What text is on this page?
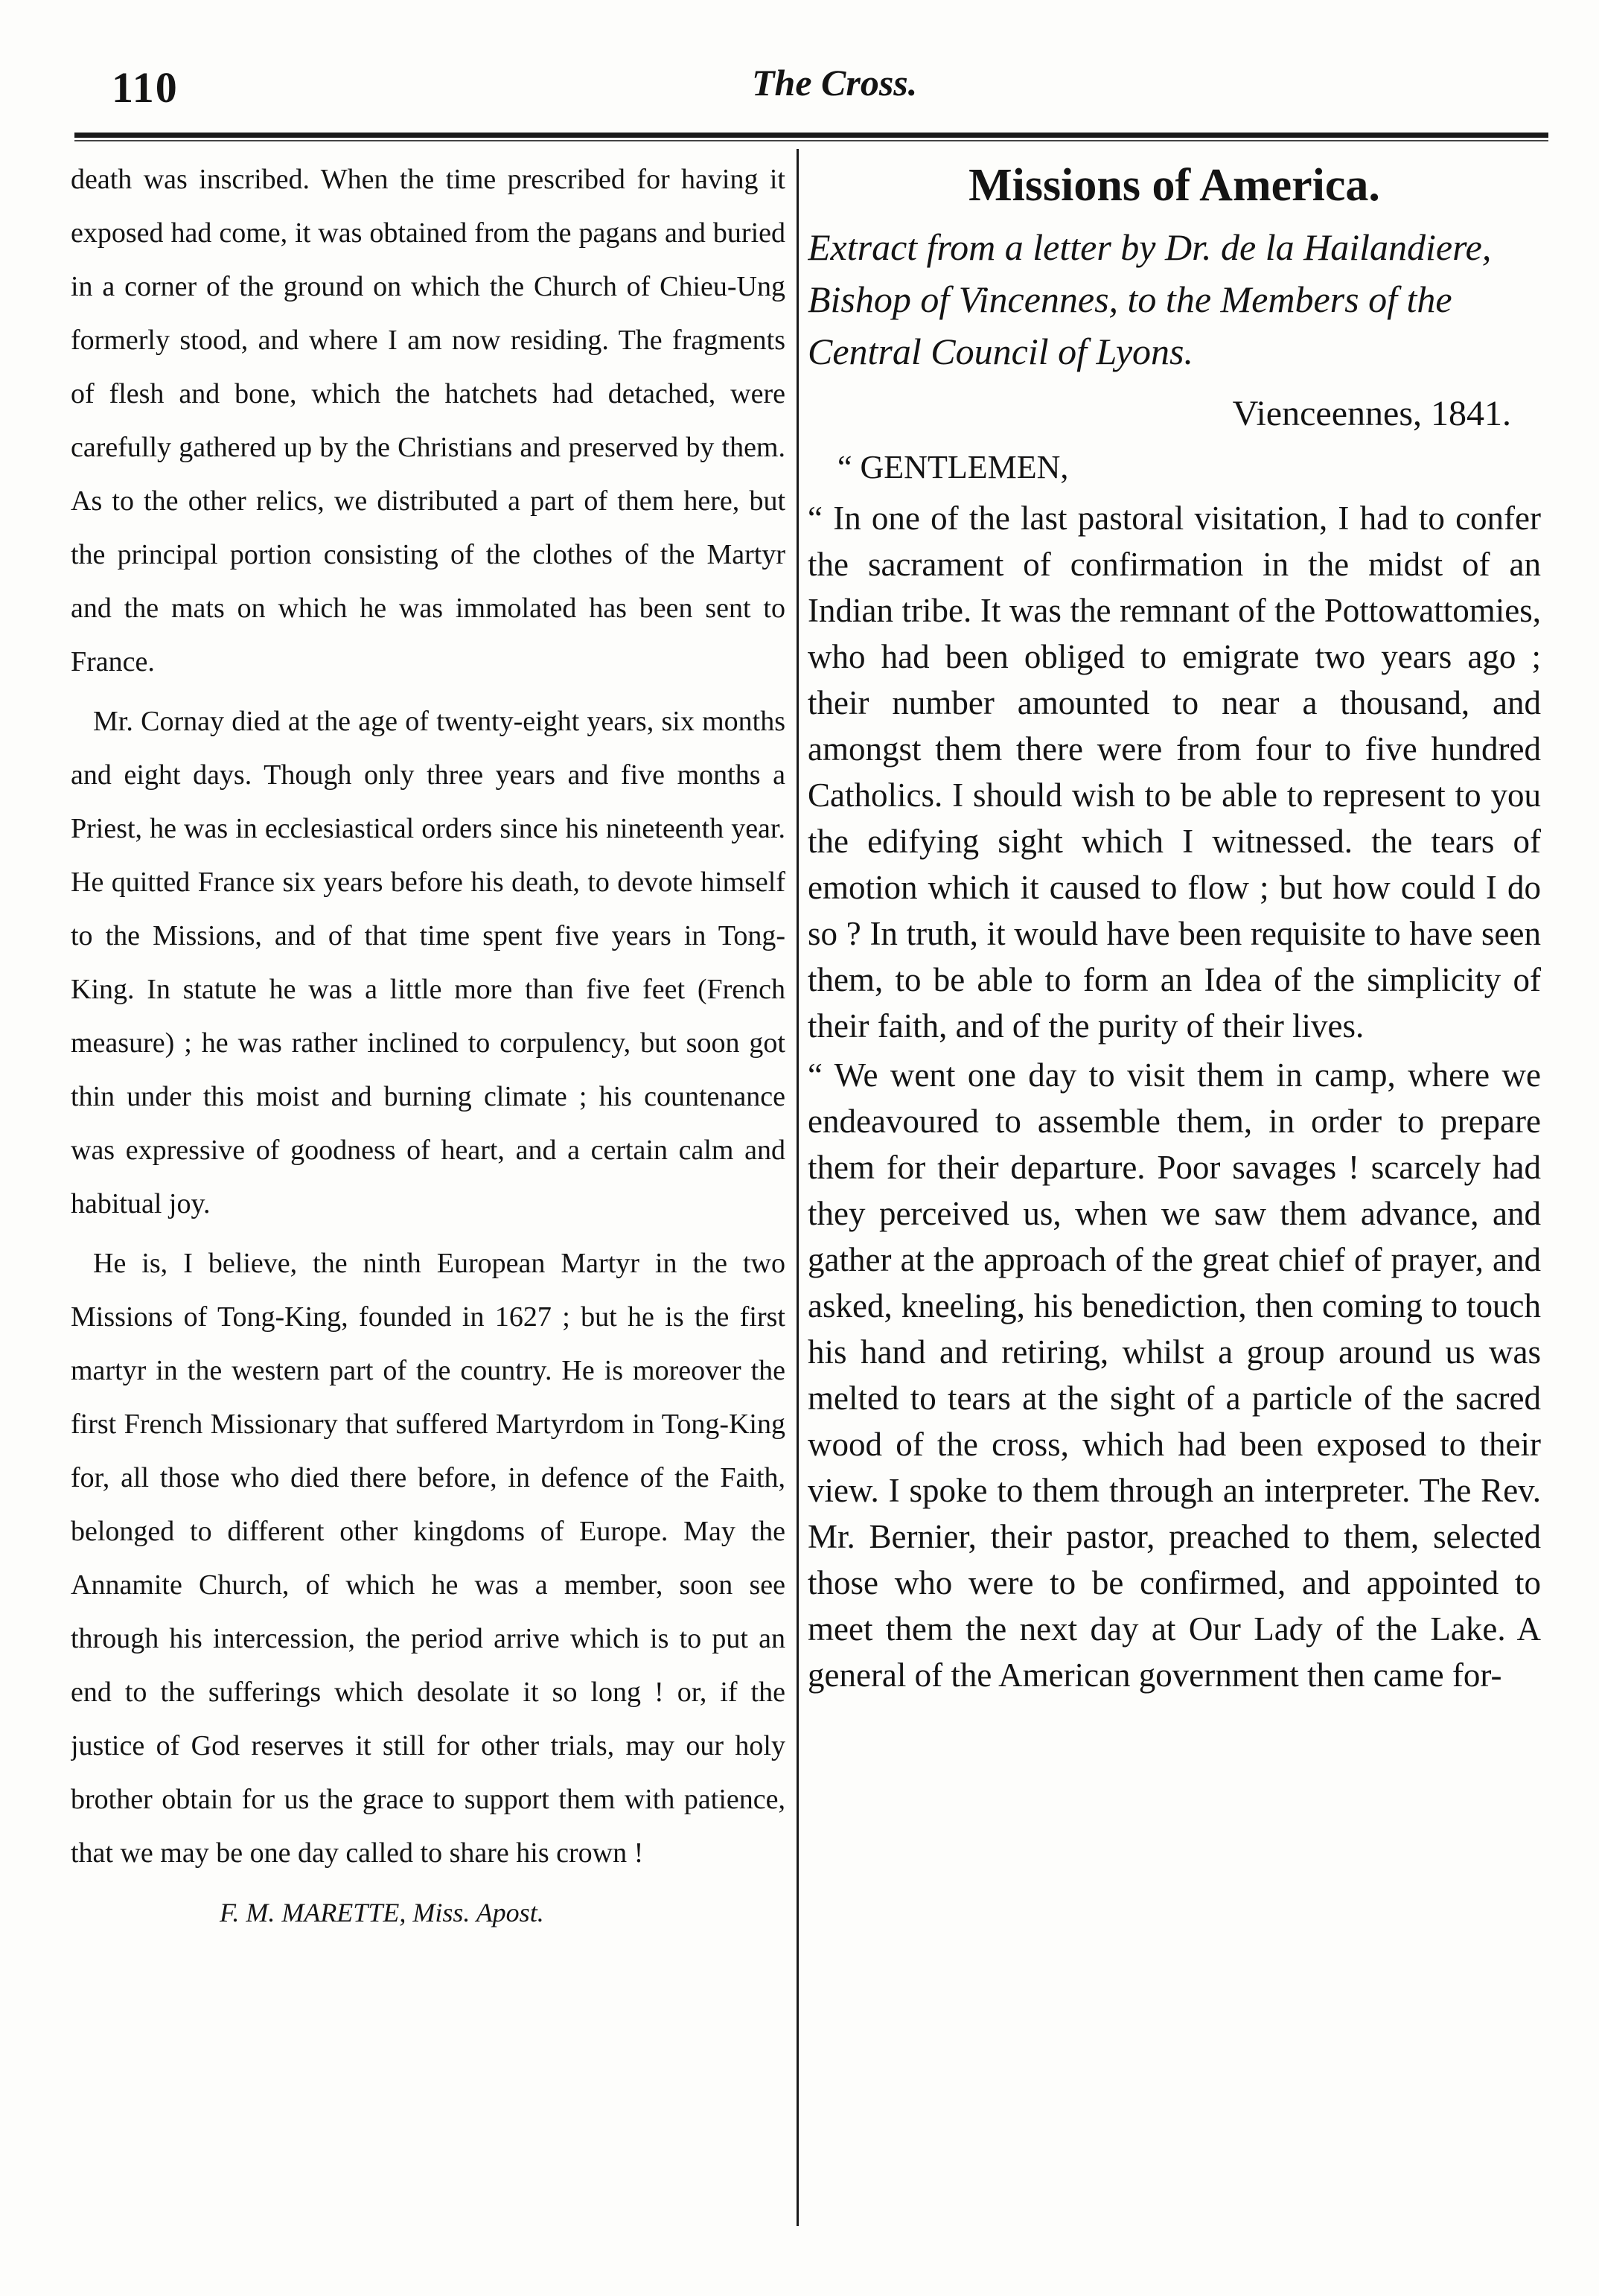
110	The Cross.

death was inscribed. When the time prescribed for having it exposed had come, it was obtained from the pagans and buried in a corner of the ground on which the Church of Chieu-Ung formerly stood, and where I am now residing. The fragments of flesh and bone, which the hatchets had detached, were carefully gathered up by the Christians and preserved by them. As to the other relics, we distributed a part of them here, but the principal portion consisting of the clothes of the Martyr and the mats on which he was immolated has been sent to France.

Mr. Cornay died at the age of twenty-eight years, six months and eight days. Though only three years and five months a Priest, he was in ecclesiastical orders since his nineteenth year. He quitted France six years before his death, to devote himself to the Missions, and of that time spent five years in Tong-King. In statute he was a little more than five feet (French measure) ; he was rather inclined to corpulency, but soon got thin under this moist and burning climate ; his countenance was expressive of goodness of heart, and a certain calm and habitual joy.

He is, I believe, the ninth European Martyr in the two Missions of Tong-King, founded in 1627 ; but he is the first martyr in the western part of the country. He is moreover the first French Missionary that suffered Martyrdom in Tong-King for, all those who died there before, in defence of the Faith, belonged to different other kingdoms of Europe. May the Annamite Church, of which he was a member, soon see through his intercession, the period arrive which is to put an end to the sufferings which desolate it so long ! or, if the justice of God reserves it still for other trials, may our holy brother obtain for us the grace to support them with patience, that we may be one day called to share his crown !

F. M. MARETTE, Miss. Apost.

Missions of America.
Extract from a letter by Dr. de la Hailandiere, Bishop of Vincennes, to the Members of the Central Council of Lyons.
Vienceennes, 1841.
“ GENTLEMEN,

“ In one of the last pastoral visitation, I had to confer the sacrament of confirmation in the midst of an Indian tribe. It was the remnant of the Pottowattomies, who had been obliged to emigrate two years ago ; their number amounted to near a thousand, and amongst them there were from four to five hundred Catholics. I should wish to be able to represent to you the edifying sight which I witnessed. the tears of emotion which it caused to flow ; but how could I do so ? In truth, it would have been requisite to have seen them, to be able to form an Idea of the simplicity of their faith, and of the purity of their lives.

“ We went one day to visit them in camp, where we endeavoured to assemble them, in order to prepare them for their departure. Poor savages ! scarcely had they perceived us, when we saw them advance, and gather at the approach of the great chief of prayer, and asked, kneeling, his benediction, then coming to touch his hand and retiring, whilst a group around us was melted to tears at the sight of a particle of the sacred wood of the cross, which had been exposed to their view. I spoke to them through an interpreter. The Rev. Mr. Bernier, their pastor, preached to them, selected those who were to be confirmed, and appointed to meet them the next day at Our Lady of the Lake. A general of the American government then came for-
